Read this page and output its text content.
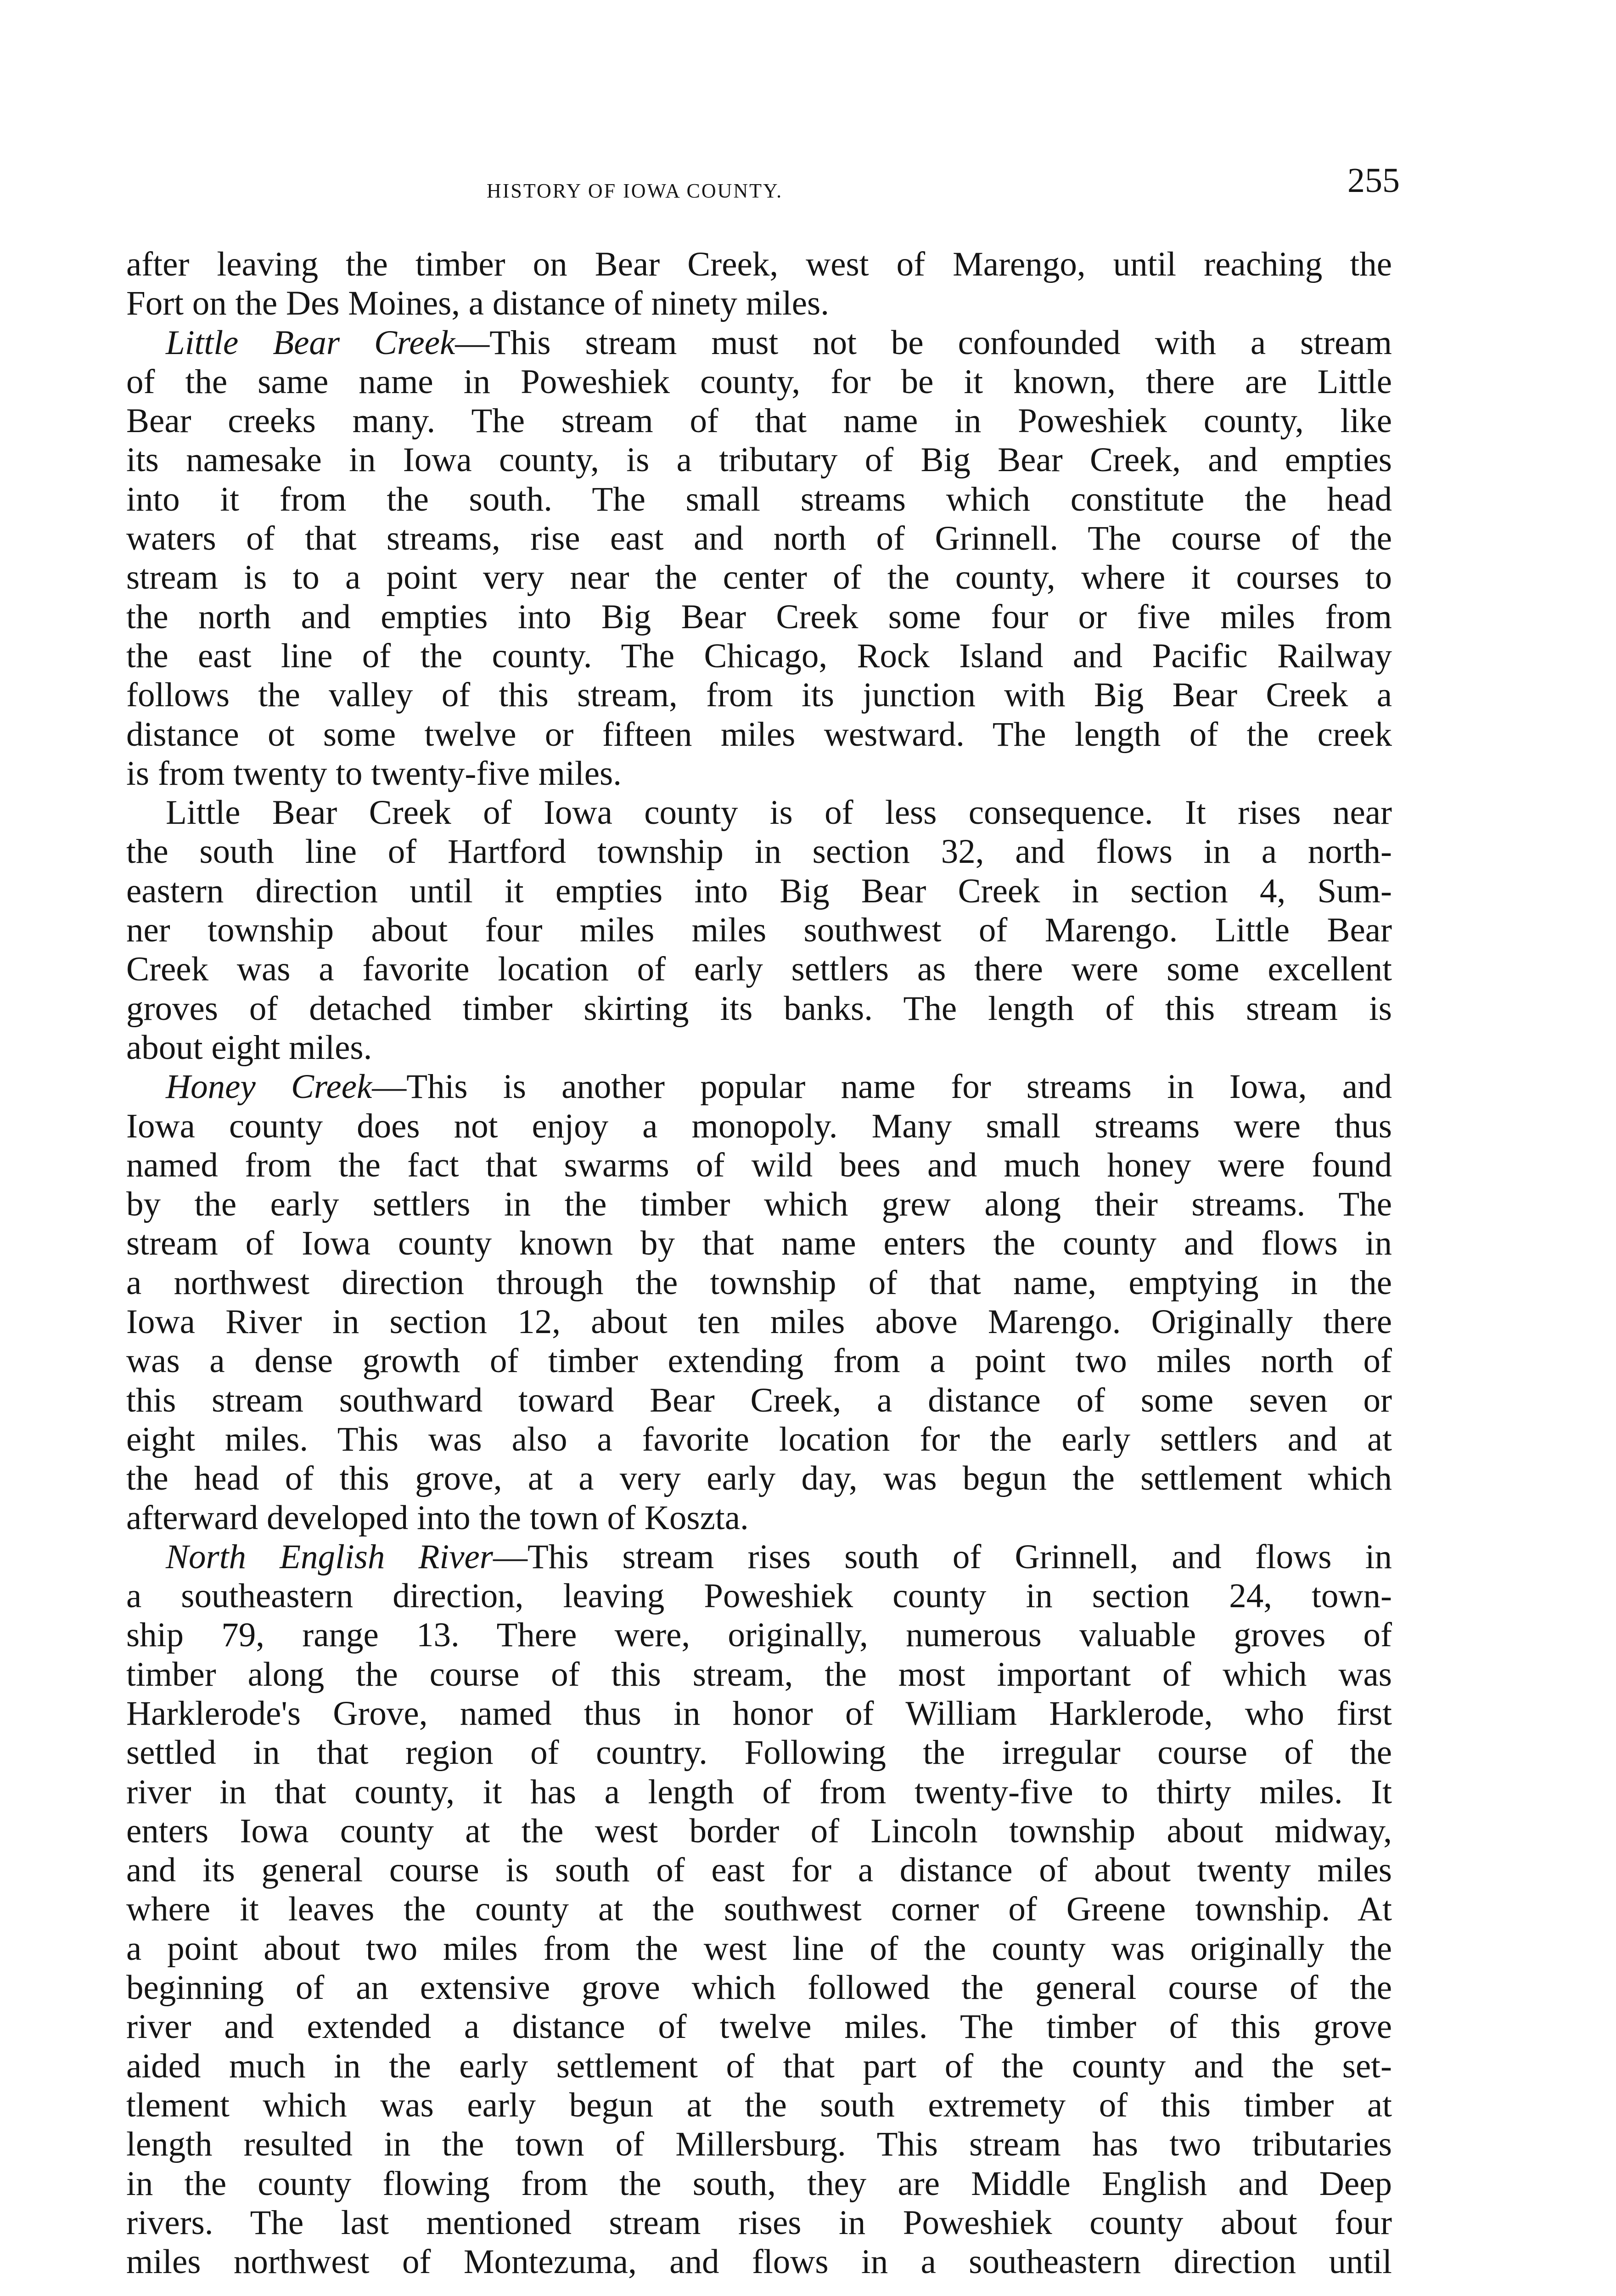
HISTORY OF IOWA COUNTY.	255
after leaving the timber on Bear Creek, west of Marengo, until reaching the
Fort on the Des Moines, a distance of ninety miles.
Little Bear Creek—This stream must not be confounded with a stream
of the same name in Poweshiek county, for be it known, there are Little
Bear creeks many. The stream of that name in Poweshiek county, like
its namesake in Iowa county, is a tributary of Big Bear Creek, and empties
into it from the south. The small streams which constitute the head
waters of that streams, rise east and north of Grinnell. The course of the
stream is to a point very near the center of the county, where it courses to
the north and empties into Big Bear Creek some four or five miles from
the east line of the county. The Chicago, Rock Island and Pacific Railway
follows the valley of this stream, from its junction with Big Bear Creek a
distance ot some twelve or fifteen miles westward. The length of the creek
is from twenty to twenty-five miles.
Little Bear Creek of Iowa county is of less consequence. It rises near
the south line of Hartford township in section 32, and flows in a north-
eastern direction until it empties into Big Bear Creek in section 4, Sum-
ner township about four miles miles southwest of Marengo. Little Bear
Creek was a favorite location of early settlers as there were some excellent
groves of detached timber skirting its banks. The length of this stream is
about eight miles.
Honey Creek—This is another popular name for streams in Iowa, and
Iowa county does not enjoy a monopoly. Many small streams were thus
named from the fact that swarms of wild bees and much honey were found
by the early settlers in the timber which grew along their streams. The
stream of Iowa county known by that name enters the county and flows in
a northwest direction through the township of that name, emptying in the
Iowa River in section 12, about ten miles above Marengo. Originally there
was a dense growth of timber extending from a point two miles north of
this stream southward toward Bear Creek, a distance of some seven or
eight miles. This was also a favorite location for the early settlers and at
the head of this grove, at a very early day, was begun the settlement which
afterward developed into the town of Koszta.
North English River—This stream rises south of Grinnell, and flows in
a southeastern direction, leaving Poweshiek county in section 24, town-
ship 79, range 13. There were, originally, numerous valuable groves of
timber along the course of this stream, the most important of which was
Harklerode's Grove, named thus in honor of William Harklerode, who first
settled in that region of country. Following the irregular course of the
river in that county, it has a length of from twenty-five to thirty miles. It
enters Iowa county at the west border of Lincoln township about midway,
and its general course is south of east for a distance of about twenty miles
where it leaves the county at the southwest corner of Greene township. At
a point about two miles from the west line of the county was originally the
beginning of an extensive grove which followed the general course of the
river and extended a distance of twelve miles. The timber of this grove
aided much in the early settlement of that part of the county and the set-
tlement which was early begun at the south extremety of this timber at
length resulted in the town of Millersburg. This stream has two tributaries
in the county flowing from the south, they are Middle English and Deep
rivers. The last mentioned stream rises in Poweshiek county about four
miles northwest of Montezuma, and flows in a southeastern direction until
